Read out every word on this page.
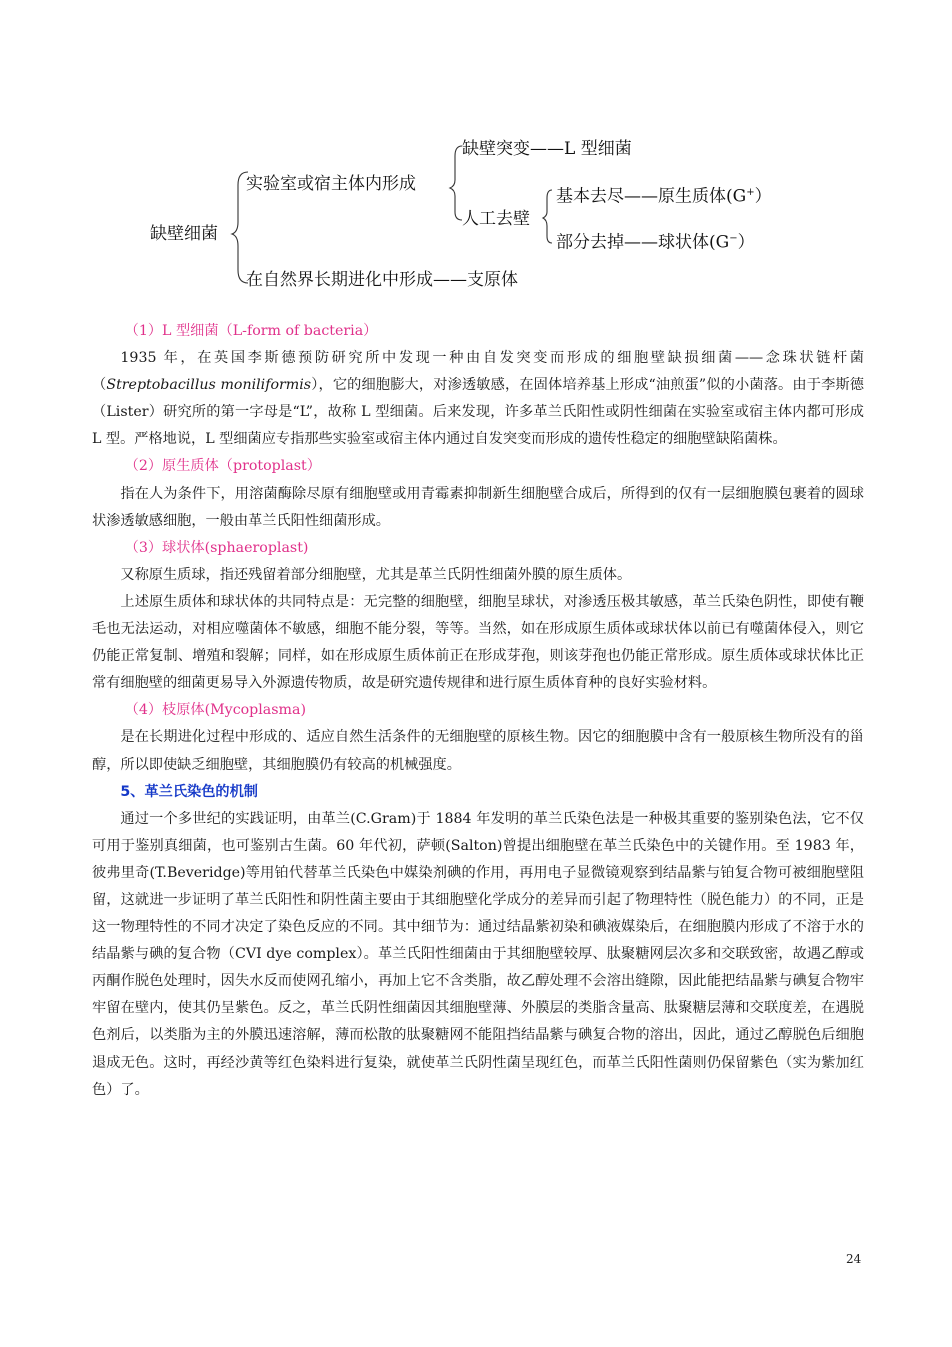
缺壁细菌
实验室或宿主体内形成
在自然界长期进化中形成——支原体
缺壁突变——L 型细菌
人工去壁
基本去尽——原生质体(G+）
部分去掉——球状体(G−）

（1）L 型细菌（L-form of bacteria）

1935 年，在英国李斯德预防研究所中发现一种由自发突变而形成的细胞壁缺损细菌——念珠状链杆菌（Streptobacillus moniliformis），它的细胞膨大，对渗透敏感，在固体培养基上形成“油煎蛋”似的小菌落。由于李斯德（Lister）研究所的第一字母是“L”，故称 L 型细菌。后来发现，许多革兰氏阳性或阴性细菌在实验室或宿主体内都可形成 L 型。严格地说，L 型细菌应专指那些实验室或宿主体内通过自发突变而形成的遗传性稳定的细胞壁缺陷菌株。

（2）原生质体（protoplast）

指在人为条件下，用溶菌酶除尽原有细胞壁或用青霉素抑制新生细胞壁合成后，所得到的仅有一层细胞膜包裹着的圆球状渗透敏感细胞，一般由革兰氏阳性细菌形成。

（3）球状体(sphaeroplast)

又称原生质球，指还残留着部分细胞壁，尤其是革兰氏阴性细菌外膜的原生质体。

上述原生质体和球状体的共同特点是：无完整的细胞壁，细胞呈球状，对渗透压极其敏感，革兰氏染色阴性，即使有鞭毛也无法运动，对相应噬菌体不敏感，细胞不能分裂，等等。当然，如在形成原生质体或球状体以前已有噬菌体侵入，则它仍能正常复制、增殖和裂解；同样，如在形成原生质体前正在形成芽孢，则该芽孢也仍能正常形成。原生质体或球状体比正常有细胞壁的细菌更易导入外源遗传物质，故是研究遗传规律和进行原生质体育种的良好实验材料。

（4）枝原体(Mycoplasma)

是在长期进化过程中形成的、适应自然生活条件的无细胞壁的原核生物。因它的细胞膜中含有一般原核生物所没有的甾醇，所以即使缺乏细胞壁，其细胞膜仍有较高的机械强度。

5、革兰氏染色的机制

通过一个多世纪的实践证明，由革兰(C.Gram)于 1884 年发明的革兰氏染色法是一种极其重要的鉴别染色法，它不仅可用于鉴别真细菌，也可鉴别古生菌。60 年代初，萨顿(Salton)曾提出细胞壁在革兰氏染色中的关键作用。至 1983 年，彼弗里奇(T.Beveridge)等用铂代替革兰氏染色中媒染剂碘的作用，再用电子显微镜观察到结晶紫与铂复合物可被细胞壁阻留，这就进一步证明了革兰氏阳性和阴性菌主要由于其细胞壁化学成分的差异而引起了物理特性（脱色能力）的不同，正是这一物理特性的不同才决定了染色反应的不同。其中细节为：通过结晶紫初染和碘液媒染后，在细胞膜内形成了不溶于水的结晶紫与碘的复合物（CVI dye complex）。革兰氏阳性细菌由于其细胞壁较厚、肽聚糖网层次多和交联致密，故遇乙醇或丙酮作脱色处理时，因失水反而使网孔缩小，再加上它不含类脂，故乙醇处理不会溶出缝隙，因此能把结晶紫与碘复合物牢牢留在壁内，使其仍呈紫色。反之，革兰氏阴性细菌因其细胞壁薄、外膜层的类脂含量高、肽聚糖层薄和交联度差，在遇脱色剂后，以类脂为主的外膜迅速溶解，薄而松散的肽聚糖网不能阻挡结晶紫与碘复合物的溶出，因此，通过乙醇脱色后细胞退成无色。这时，再经沙黄等红色染料进行复染，就使革兰氏阴性菌呈现红色，而革兰氏阳性菌则仍保留紫色（实为紫加红色）了。

24
